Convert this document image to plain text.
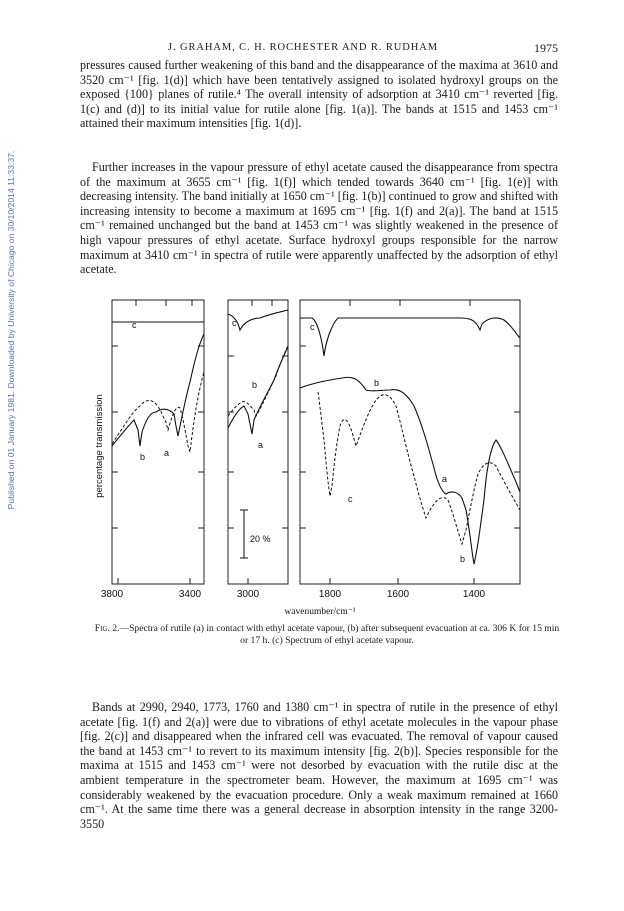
Published on 01 January 1981. Downloaded by University of Chicago on 30/10/2014 11:33:37.
J. GRAHAM, C. H. ROCHESTER AND R. RUDHAM	1975

pressures caused further weakening of this band and the disappearance of the maxima at 3610 and 3520 cm⁻¹ [fig. 1(d)] which have been tentatively assigned to isolated hydroxyl groups on the exposed {100} planes of rutile.⁴ The overall intensity of adsorption at 3410 cm⁻¹ reverted [fig. 1(c) and (d)] to its initial value for rutile alone [fig. 1(a)]. The bands at 1515 and 1453 cm⁻¹ attained their maximum intensities [fig. 1(d)].

Further increases in the vapour pressure of ethyl acetate caused the disappearance from spectra of the maximum at 3655 cm⁻¹ [fig. 1(f)] which tended towards 3640 cm⁻¹ [fig. 1(e)] with decreasing intensity. The band initially at 1650 cm⁻¹ [fig. 1(b)] continued to grow and shifted with increasing intensity to become a maximum at 1695 cm⁻¹ [fig. 1(f) and 2(a)]. The band at 1515 cm⁻¹ remained unchanged but the band at 1453 cm⁻¹ was slightly weakened in the presence of high vapour pressures of ethyl acetate. Surface hydroxyl groups responsible for the narrow maximum at 3410 cm⁻¹ in spectra of rutile were apparently unaffected by the adsorption of ethyl acetate.

c
b a
c
b
a
20 %
c
b
c
a
b
percentage transmission
3800	3400	3000	1800	1600	1400
wavenumber/cm⁻¹

Fig. 2.—Spectra of rutile (a) in contact with ethyl acetate vapour, (b) after subsequent evacuation at ca. 306 K for 15 min or 17 h. (c) Spectrum of ethyl acetate vapour.

Bands at 2990, 2940, 1773, 1760 and 1380 cm⁻¹ in spectra of rutile in the presence of ethyl acetate [fig. 1(f) and 2(a)] were due to vibrations of ethyl acetate molecules in the vapour phase [fig. 2(c)] and disappeared when the infrared cell was evacuated. The removal of vapour caused the band at 1453 cm⁻¹ to revert to its maximum intensity [fig. 2(b)]. Species responsible for the maxima at 1515 and 1453 cm⁻¹ were not desorbed by evacuation with the rutile disc at the ambient temperature in the spectrometer beam. However, the maximum at 1695 cm⁻¹ was considerably weakened by the evacuation procedure. Only a weak maximum remained at 1660 cm⁻¹. At the same time there was a general decrease in absorption intensity in the range 3200-3550
